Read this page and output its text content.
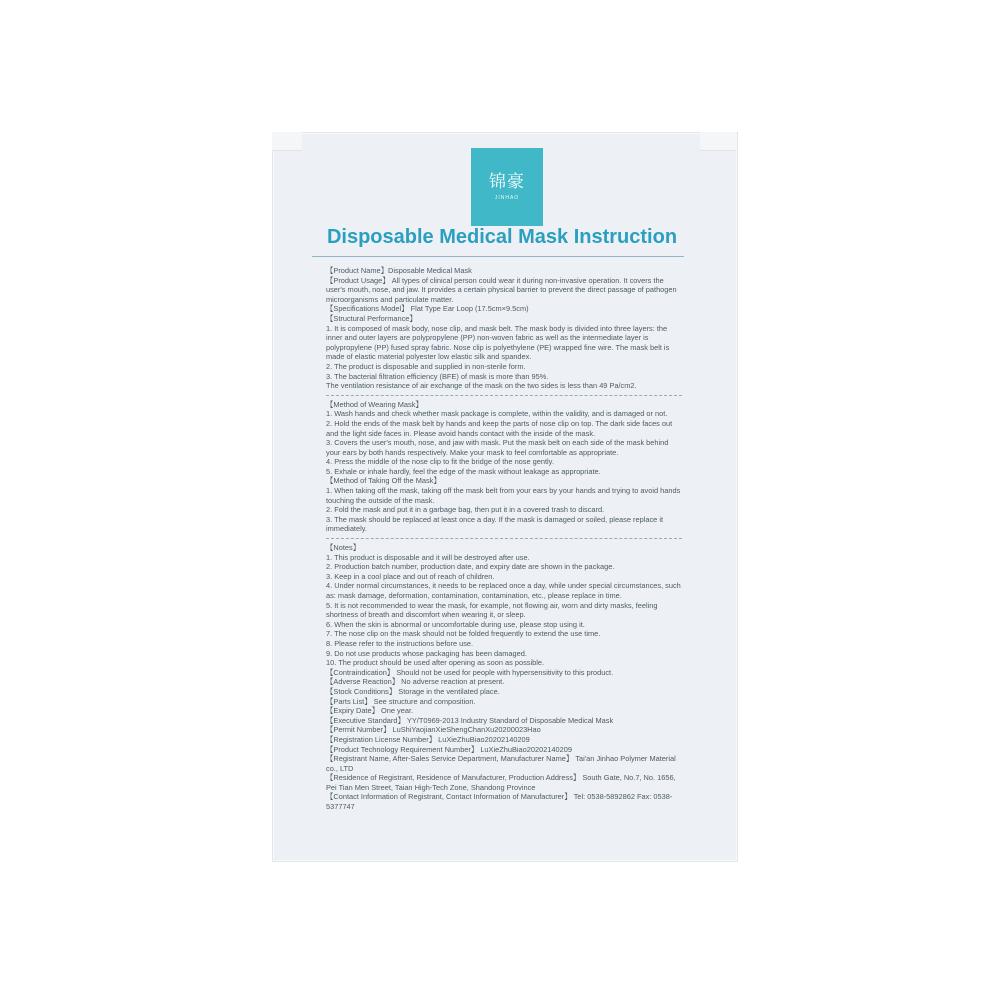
锦豪
JINHAO
Disposable Medical Mask Instruction

【Product Name】Disposable Medical Mask

【Product Usage】 All types of clinical person could wear it during non-invasive operation. It covers the user's mouth, nose, and jaw. It provides a certain physical barrier to prevent the direct passage of pathogen microorganisms and particulate matter.

【Specifications Model】 Flat Type Ear Loop (17.5cm×9.5cm)

【Structural Performance】

1. It is composed of mask body, nose clip, and mask belt. The mask body is divided into three layers: the inner and outer layers are polypropylene (PP) non-woven fabric as well as the intermediate layer is polypropylene (PP) fused spray fabric. Nose clip is polyethylene (PE) wrapped fine wire. The mask belt is made of elastic material polyester low elastic silk and spandex.

2. The product is disposable and supplied in non-sterile form.

3. The bacterial filtration efficiency (BFE) of mask is more than 95%.

The ventilation resistance of air exchange of the mask on the two sides is less than 49 Pa/cm2.

【Method of Wearing Mask】

1. Wash hands and check whether mask package is complete, within the validity, and is damaged or not.

2. Hold the ends of the mask belt by hands and keep the parts of nose clip on top. The dark side faces out and the light side faces in. Please avoid hands contact with the inside of the mask.

3. Covers the user's mouth, nose, and jaw with mask. Put the mask belt on each side of the mask behind your ears by both hands respectively. Make your mask to feel comfortable as appropriate.

4. Press the middle of the nose clip to fit the bridge of the nose gently.

5. Exhale or inhale hardly, feel the edge of the mask without leakage as appropriate.

【Method of Taking Off the Mask】

1. When taking off the mask, taking off the mask belt from your ears by your hands and trying to avoid hands touching the outside of the mask.

2. Fold the mask and put it in a garbage bag, then put it in a covered trash to discard.

3. The mask should be replaced at least once a day. If the mask is damaged or soiled, please replace it immediately.

【Notes】

1. This product is disposable and it will be destroyed after use.

2. Production batch number, production date, and expiry date are shown in the package.

3. Keep in a cool place and out of reach of children.

4. Under normal circumstances, it needs to be replaced once a day, while under special circumstances, such as: mask damage, deformation, contamination, contamination, etc., please replace in time.

5. It is not recommended to wear the mask, for example, not flowing air, worn and dirty masks, feeling shortness of breath and discomfort when wearing it, or sleep.

6. When the skin is abnormal or uncomfortable during use, please stop using it.

7. The nose clip on the mask should not be folded frequently to extend the use time.

8. Please refer to the instructions before use.

9. Do not use products whose packaging has been damaged.

10. The product should be used after opening as soon as possible.

【Contraindication】 Should not be used for people with hypersensitivity to this product.

【Adverse Reaction】 No adverse reaction at present.

【Stock Conditions】 Storage in the ventilated place.

【Parts List】 See structure and composition.

【Expiry Date】 One year.

【Executive Standard】 YY/T0969-2013 Industry Standard of Disposable Medical Mask

【Permit Number】 LuShiYaojianXieShengChanXu20200023Hao

【Registration License Number】 LuXieZhuBiao20202140209

【Product Technology Requirement Number】 LuXieZhuBiao20202140209

【Registrant Name, After-Sales Service Department, Manufacturer Name】 Tai'an Jinhao Polymer Material co., LTD

【Residence of Registrant, Residence of Manufacturer, Production Address】 South Gate, No.7, No. 1656, Pei Tian Men Street, Taian High-Tech Zone, Shandong Province

【Contact Information of Registrant, Contact Information of Manufacturer】 Tel: 0538-5892862 Fax: 0538-5377747
